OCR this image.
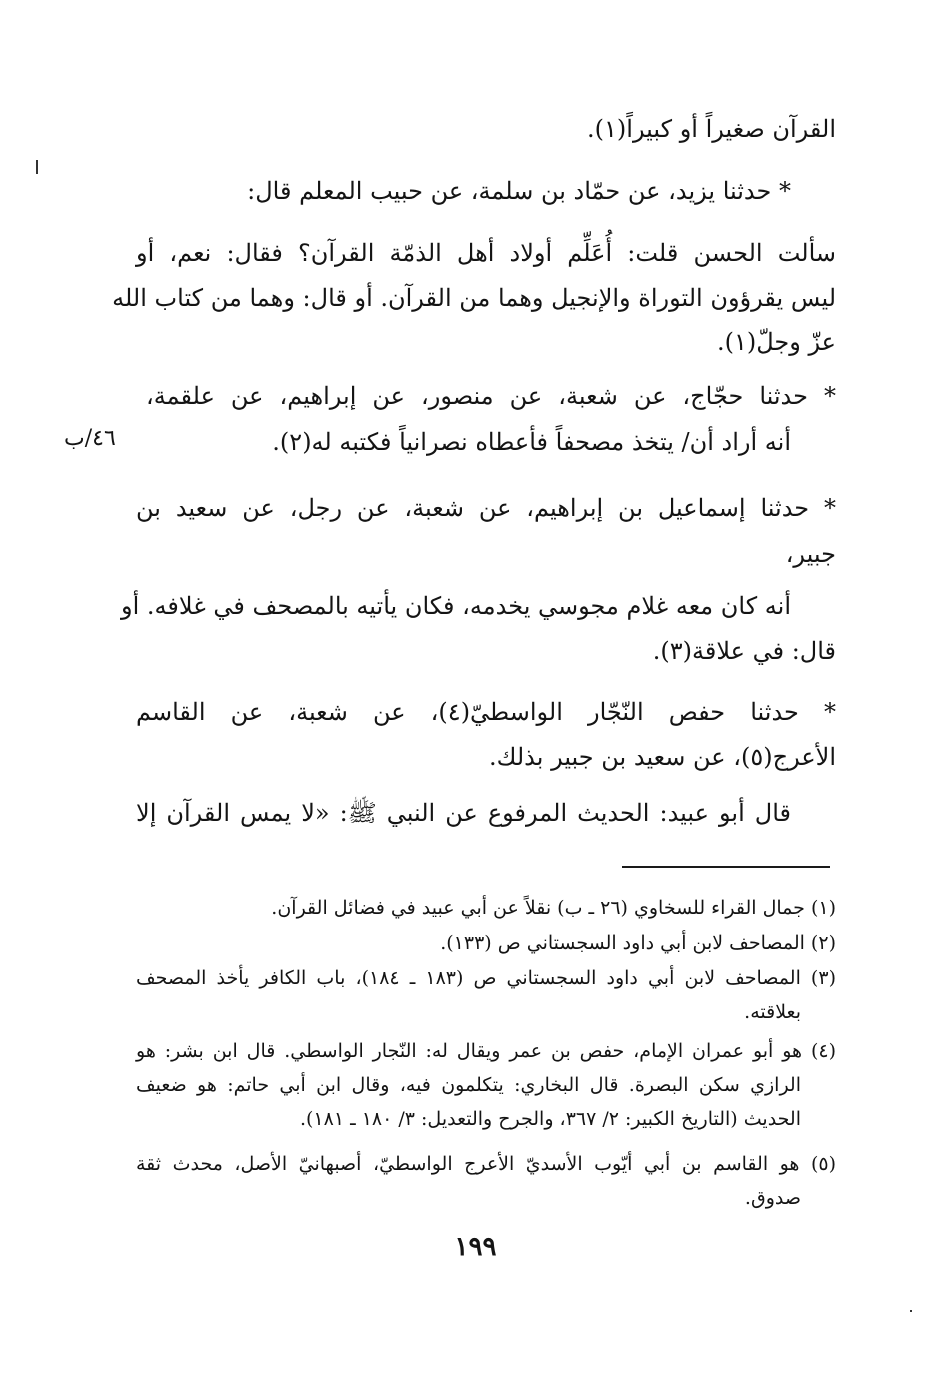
القرآن صغيراً أو كبيراً(١).
* حدثنا يزيد، عن حمّاد بن سلمة، عن حبيب المعلم قال:
سألت الحسن قلت: أُعَلِّم أولاد أهل الذمّة القرآن؟ فقال: نعم، أو
ليس يقرؤون التوراة والإنجيل وهما من القرآن. أو قال: وهما من كتاب الله
عزّ وجلّ(١).
* حدثنا حجّاج، عن شعبة، عن منصور، عن إبراهيم، عن علقمة،
أنه أراد أن/ يتخذ مصحفاً فأعطاه نصرانياً فكتبه له(٢).
* حدثنا إسماعيل بن إبراهيم، عن شعبة، عن رجل، عن سعيد بن
جبير،
أنه كان معه غلام مجوسي يخدمه، فكان يأتيه بالمصحف في غلافه. أو
قال: في علاقة(٣).
* حدثنا حفص النّجّار الواسطيّ(٤)، عن شعبة، عن القاسم
الأعرج(٥)، عن سعيد بن جبير بذلك.
قال أبو عبيد: الحديث المرفوع عن النبي ﷺ: «لا يمس القرآن إلا
٤٦/ب
(١) جمال القراء للسخاوي (٢٦ ـ ب) نقلاً عن أبي عبيد في فضائل القرآن.
(٢) المصاحف لابن أبي داود السجستاني ص (١٣٣).
(٣) المصاحف لابن أبي داود السجستاني ص (١٨٣ ـ ١٨٤)، باب الكافر يأخذ المصحف
بعلاقته.
(٤) هو أبو عمران الإمام، حفص بن عمر ويقال له: النّجار الواسطي. قال ابن بشر: هو
الرازي سكن البصرة. قال البخاري: يتكلمون فيه، وقال ابن أبي حاتم: هو ضعيف
الحديث (التاريخ الكبير: ٢/ ٣٦٧، والجرح والتعديل: ٣/ ١٨٠ ـ ١٨١).
(٥) هو القاسم بن أبي أيّوب الأسديّ الأعرج الواسطيّ، أصبهانيّ الأصل، محدث ثقة
صدوق.
١٩٩
